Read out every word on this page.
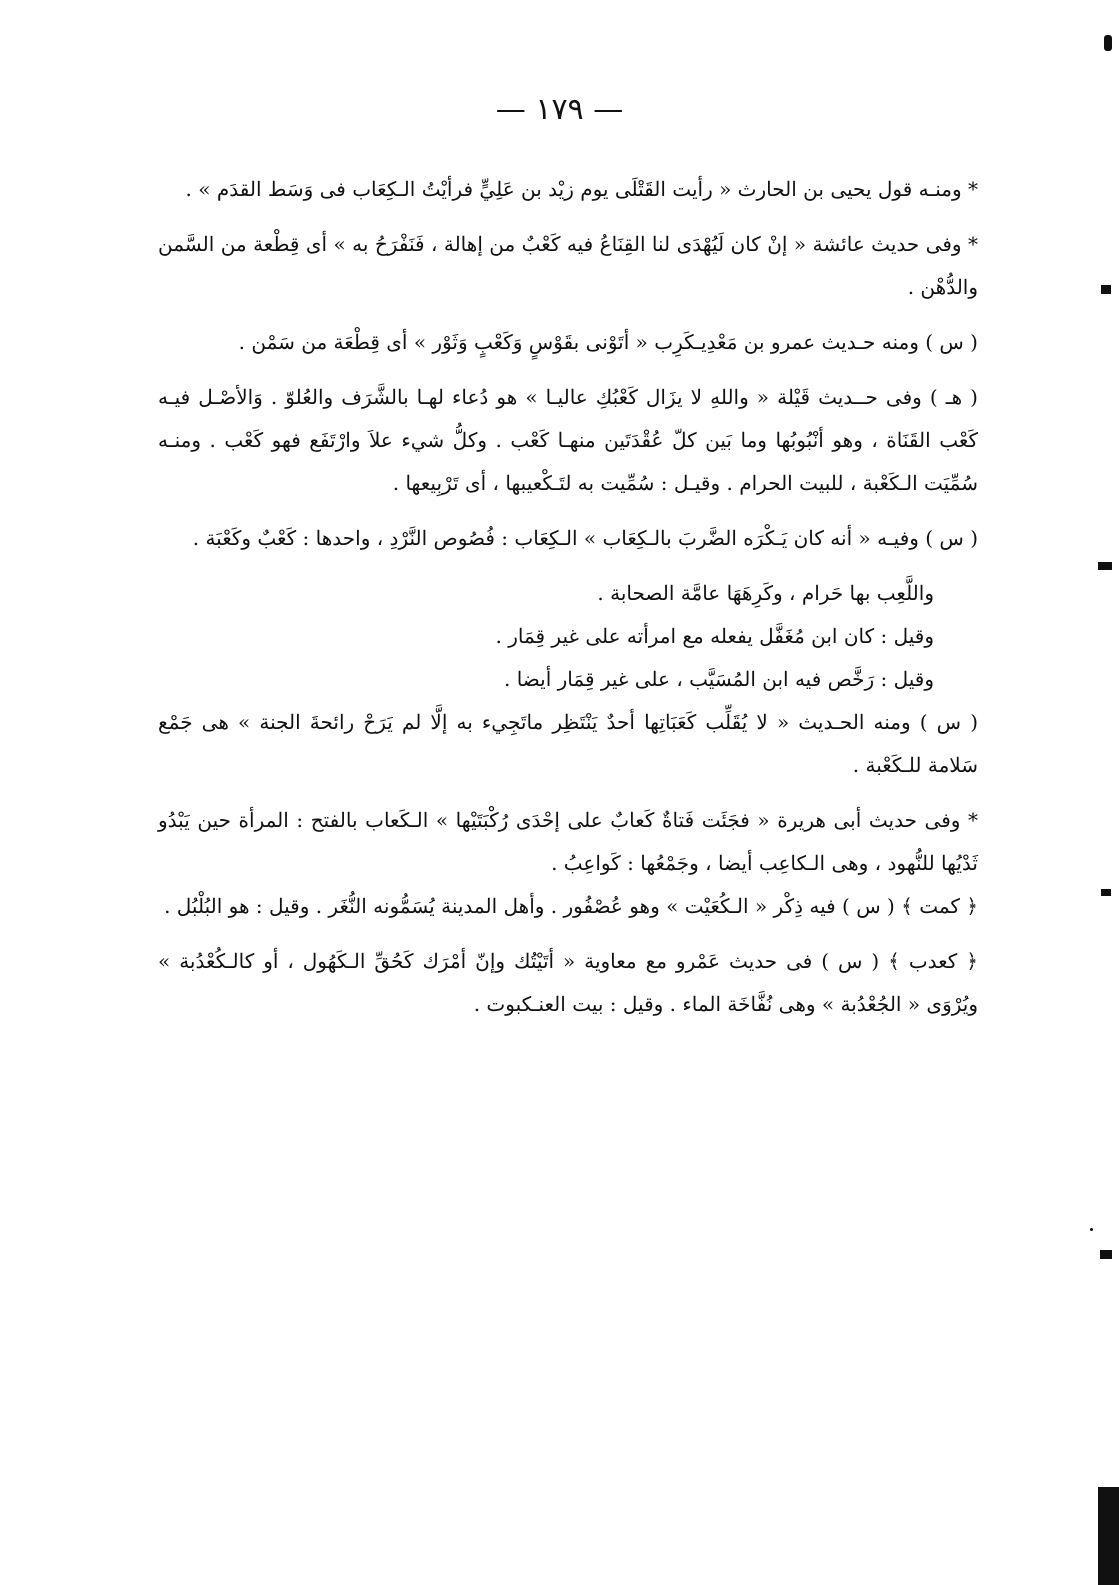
— ١٧٩ —

* ومنـه قول يحيى بن الحارث « رأيت القَتْلَى يوم زيْد بن عَلِيٍّ فرأيْتُ الـكِعَاب فى وَسَط القدَم » .

* وفى حديث عائشة « إنْ كان لَيُهْدَى لنا القِنَاعُ فيه كَعْبٌ من إهالة ، فَنَفْرَحُ به » أى قِطْعة من السَّمن والدُّهْن .

( س ) ومنه حـديث عمرو بن مَعْدِيـكَرِب « أتَوْنى بقَوْسٍ وَكَعْبٍ وَثَوْر » أى قِطْعَة من سَمْن .

( هـ ) وفى حــديث قَيْلة « واللهِ لا يزَال كَعْبُكِ عاليـا » هو دُعاء لهـا بالشَّرَف والعُلوّ . وَالأصْـل فيـه كَعْب القَنَاة ، وهو أنْبُوبُها وما بَين كلّ عُقْدَتَين منهـا كَعْب . وكلُّ شيء علاَ وارْتَفَع فهو كَعْب . ومنـه سُمِّيَت الـكَعْبة ، للبيت الحرام . وقيـل : سُمِّيت به لتَـكْعيبها ، أى تَرْبِيعها .

( س ) وفيـه « أنه كان يَـكْرَه الضَّربَ بالـكِعَاب » الـكِعَاب : فُصُوص النَّرْدِ ، واحدها : كَعْبٌ وكَعْبَة .

واللَّعِب بها حَرام ، وكَرِهَهَا عامَّة الصحابة .

وقيل : كان ابن مُغَفَّل يفعله مع امرأته على غير قِمَار .

وقيل : رَخَّص فيه ابن المُسَيَّب ، على غير قِمَار أيضا .

( س ) ومنه الحـديث « لا يُقَلِّب كَعَبَاتِها أحدٌ يَنْتَظِر ماتَجِيء به إلَّا لم يَرَحْ رائحةَ الجنة » هى جَمْع سَلامة للـكَعْبة .

* وفى حديث أبى هريرة « فجَئَت فَتاةٌ كَعابٌ على إحْدَى رُكْبَتَيْها » الـكَعاب بالفتح : المرأة حين يَبْدُو ثَدْيُها للنُّهود ، وهى الـكاعِب أيضا ، وجَمْعُها : كَواعِبُ .

﴿ كمت ﴾ ( س ) فيه ذِكْر « الـكُعَيْت » وهو عُصْفُور . وأهل المدينة يُسَمُّونه النُّغَر . وقيل : هو البُلْبُل .

﴿ كعدب ﴾ ( س ) فى حديث عَمْرو مع معاوية « أتَيْتُك وإنّ أمْرَك كَحُقِّ الـكَهُول ، أو كالـكُعْدُبة » ويُرْوَى « الجُعْدُبة » وهى نُفَّاخَة الماء . وقيل : بيت العنـكبوت .
